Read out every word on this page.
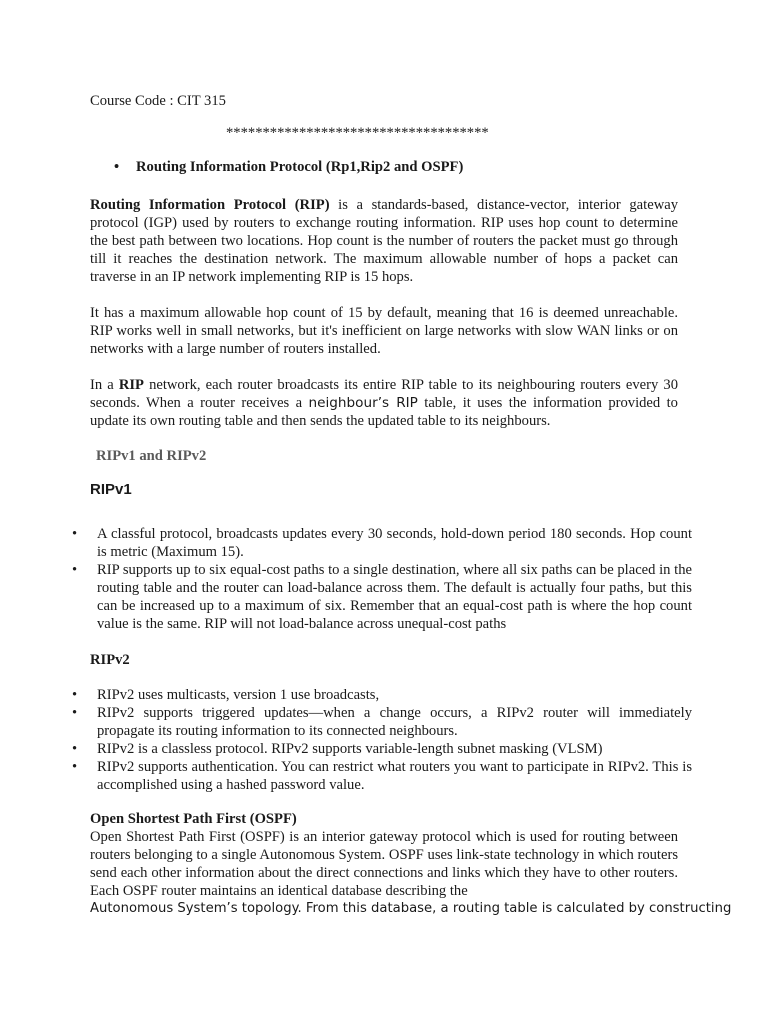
Course Code : CIT 315
************************************
• Routing Information Protocol (Rp1,Rip2 and OSPF)
Routing Information Protocol (RIP) is a standards-based, distance-vector, interior gateway protocol (IGP) used by routers to exchange routing information. RIP uses hop count to determine the best path between two locations. Hop count is the number of routers the packet must go through till it reaches the destination network. The maximum allowable number of hops a packet can traverse in an IP network implementing RIP is 15 hops.
It has a maximum allowable hop count of 15 by default, meaning that 16 is deemed unreachable. RIP works well in small networks, but it's inefficient on large networks with slow WAN links or on networks with a large number of routers installed.
In a RIP network, each router broadcasts its entire RIP table to its neighbouring routers every 30 seconds. When a router receives a neighbour’s RIP table, it uses the information provided to update its own routing table and then sends the updated table to its neighbours.
RIPv1 and RIPv2
RIPv1
• A classful protocol, broadcasts updates every 30 seconds, hold-down period 180 seconds. Hop count is metric (Maximum 15).
• RIP supports up to six equal-cost paths to a single destination, where all six paths can be placed in the routing table and the router can load-balance across them. The default is actually four paths, but this can be increased up to a maximum of six. Remember that an equal-cost path is where the hop count value is the same. RIP will not load-balance across unequal-cost paths
RIPv2
• RIPv2 uses multicasts, version 1 use broadcasts,
• RIPv2 supports triggered updates—when a change occurs, a RIPv2 router will immediately propagate its routing information to its connected neighbours.
• RIPv2 is a classless protocol. RIPv2 supports variable-length subnet masking (VLSM)
• RIPv2 supports authentication. You can restrict what routers you want to participate in RIPv2. This is accomplished using a hashed password value.
Open Shortest Path First (OSPF)
Open Shortest Path First (OSPF) is an interior gateway protocol which is used for routing between routers belonging to a single Autonomous System. OSPF uses link-state technology in which routers send each other information about the direct connections and links which they have to other routers. Each OSPF router maintains an identical database describing the
Autonomous System’s topology. From this database, a routing table is calculated by constructing
